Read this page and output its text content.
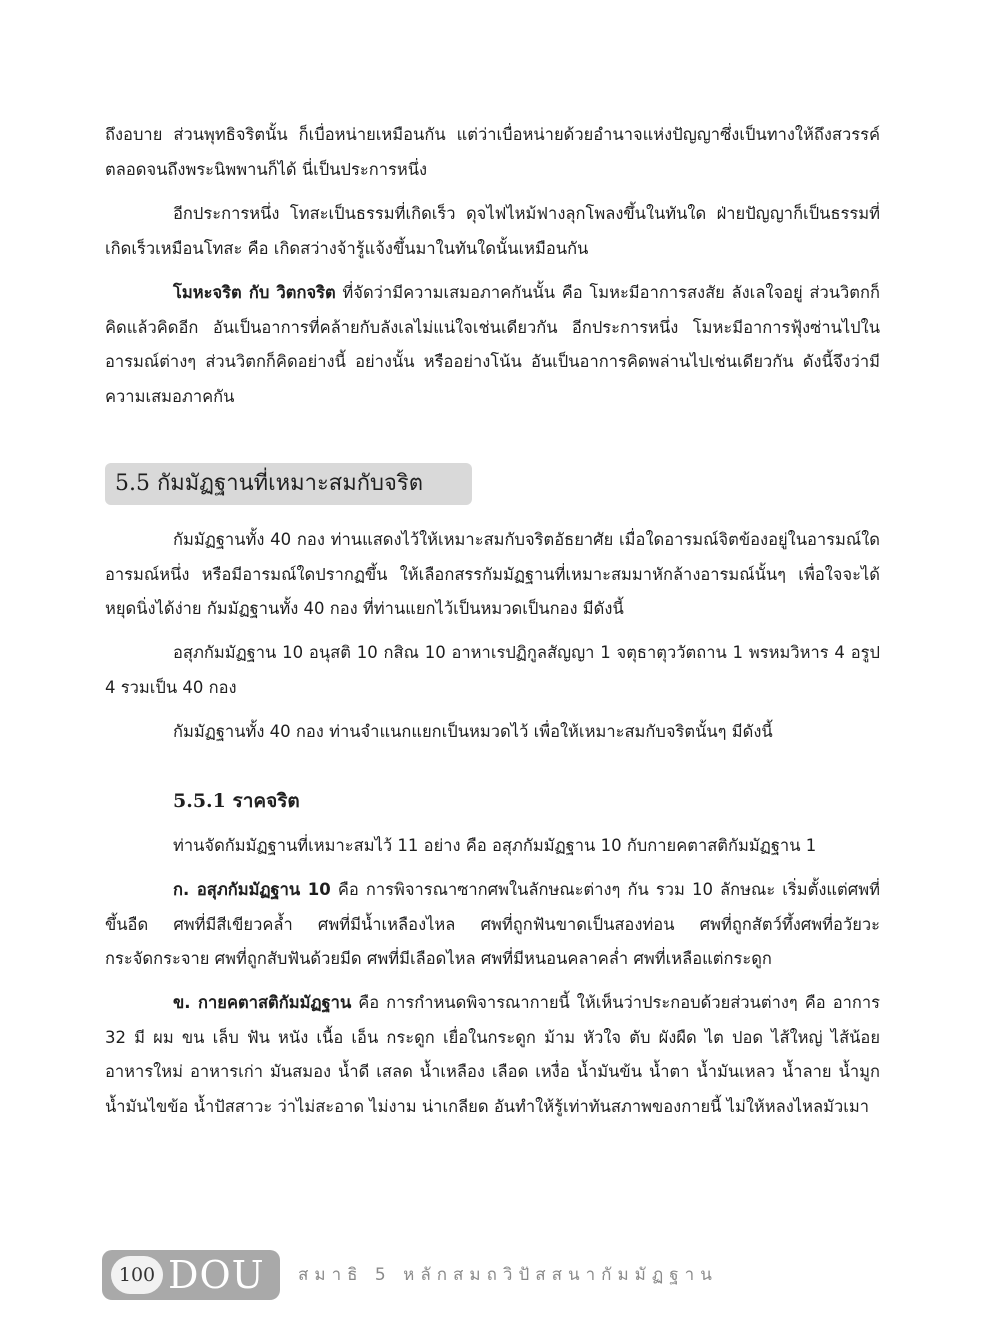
ถึงอบาย ส่วนพุทธิจริตนั้น ก็เบื่อหน่ายเหมือนกัน แต่ว่าเบื่อหน่ายด้วยอำนาจแห่งปัญญาซึ่งเป็นทางให้ถึงสวรรค์ ตลอดจนถึงพระนิพพานก็ได้ นี่เป็นประการหนึ่ง

อีกประการหนึ่ง โทสะเป็นธรรมที่เกิดเร็ว ดุจไฟไหม้ฟางลุกโพลงขึ้นในทันใด ฝ่ายปัญญาก็เป็นธรรมที่เกิดเร็วเหมือนโทสะ คือ เกิดสว่างจ้ารู้แจ้งขึ้นมาในทันใดนั้นเหมือนกัน

โมหะจริต กับ วิตกจริต ที่จัดว่ามีความเสมอภาคกันนั้น คือ โมหะมีอาการสงสัย ลังเลใจอยู่ ส่วนวิตกก็คิดแล้วคิดอีก อันเป็นอาการที่คล้ายกับลังเลไม่แน่ใจเช่นเดียวกัน อีกประการหนึ่ง โมหะมีอาการฟุ้งซ่านไปในอารมณ์ต่างๆ ส่วนวิตกก็คิดอย่างนี้ อย่างนั้น หรืออย่างโน้น อันเป็นอาการคิดพล่านไปเช่นเดียวกัน ดังนี้จึงว่ามีความเสมอภาคกัน

5.5 กัมมัฏฐานที่เหมาะสมกับจริต

กัมมัฏฐานทั้ง 40 กอง ท่านแสดงไว้ให้เหมาะสมกับจริตอัธยาศัย เมื่อใดอารมณ์จิตข้องอยู่ในอารมณ์ใดอารมณ์หนึ่ง หรือมีอารมณ์ใดปรากฏขึ้น ให้เลือกสรรกัมมัฏฐานที่เหมาะสมมาหักล้างอารมณ์นั้นๆ เพื่อใจจะได้หยุดนิ่งได้ง่าย กัมมัฏฐานทั้ง 40 กอง ที่ท่านแยกไว้เป็นหมวดเป็นกอง มีดังนี้

อสุภกัมมัฏฐาน 10 อนุสติ 10 กสิณ 10 อาหาเรปฏิกูลสัญญา 1 จตุธาตุววัตถาน 1 พรหมวิหาร 4 อรูป 4 รวมเป็น 40 กอง

กัมมัฏฐานทั้ง 40 กอง ท่านจำแนกแยกเป็นหมวดไว้ เพื่อให้เหมาะสมกับจริตนั้นๆ มีดังนี้

5.5.1 ราคจริต

ท่านจัดกัมมัฏฐานที่เหมาะสมไว้ 11 อย่าง คือ อสุภกัมมัฏฐาน 10 กับกายคตาสติกัมมัฏฐาน 1

ก. อสุภกัมมัฏฐาน 10 คือ การพิจารณาซากศพในลักษณะต่างๆ กัน รวม 10 ลักษณะ เริ่มตั้งแต่ศพที่ขึ้นอืด ศพที่มีสีเขียวคล้ำ ศพที่มีน้ำเหลืองไหล ศพที่ถูกฟันขาดเป็นสองท่อน ศพที่ถูกสัตว์ทึ้งศพที่อวัยวะกระจัดกระจาย ศพที่ถูกสับฟันด้วยมีด ศพที่มีเลือดไหล ศพที่มีหนอนคลาคล่ำ ศพที่เหลือแต่กระดูก

ข. กายคตาสติกัมมัฏฐาน คือ การกำหนดพิจารณากายนี้ ให้เห็นว่าประกอบด้วยส่วนต่างๆ คือ อาการ 32 มี ผม ขน เล็บ ฟัน หนัง เนื้อ เอ็น กระดูก เยื่อในกระดูก ม้าม หัวใจ ตับ ผังผืด ไต ปอด ไส้ใหญ่ ไส้น้อย อาหารใหม่ อาหารเก่า มันสมอง น้ำดี เสลด น้ำเหลือง เลือด เหงื่อ น้ำมันข้น น้ำตา น้ำมันเหลว น้ำลาย น้ำมูก น้ำมันไขข้อ น้ำปัสสาวะ ว่าไม่สะอาด ไม่งาม น่าเกลียด อันทำให้รู้เท่าทันสภาพของกายนี้ ไม่ให้หลงไหลมัวเมา

100 DOU สมาธิ 5 หลักสมถวิปัสสนากัมมัฏฐาน
